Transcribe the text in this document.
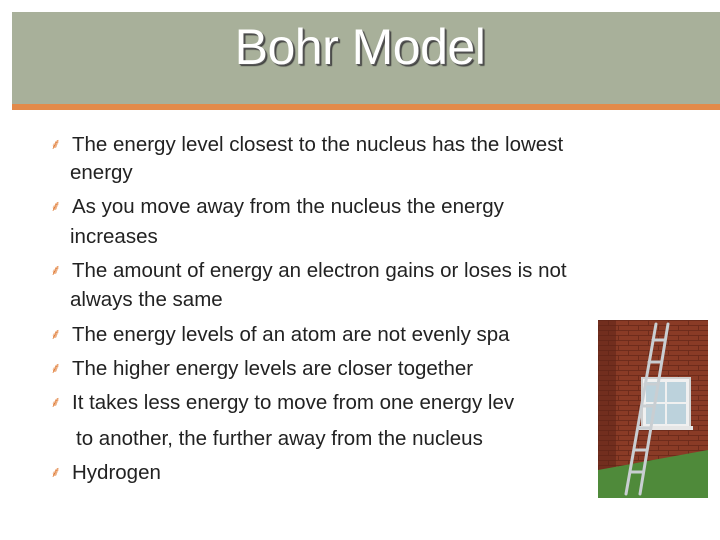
Bohr Model
⸙ The energy level closest to the nucleus has the lowest
energy
⸙ As you move away from the nucleus the energy
increases
⸙ The amount of energy an electron gains or loses is not
always the same
⸙ The energy levels of an atom are not evenly spa
⸙ The higher energy levels are closer together
⸙ It takes less energy to move from one energy lev
to another, the further away from the nucleus
⸙ Hydrogen
